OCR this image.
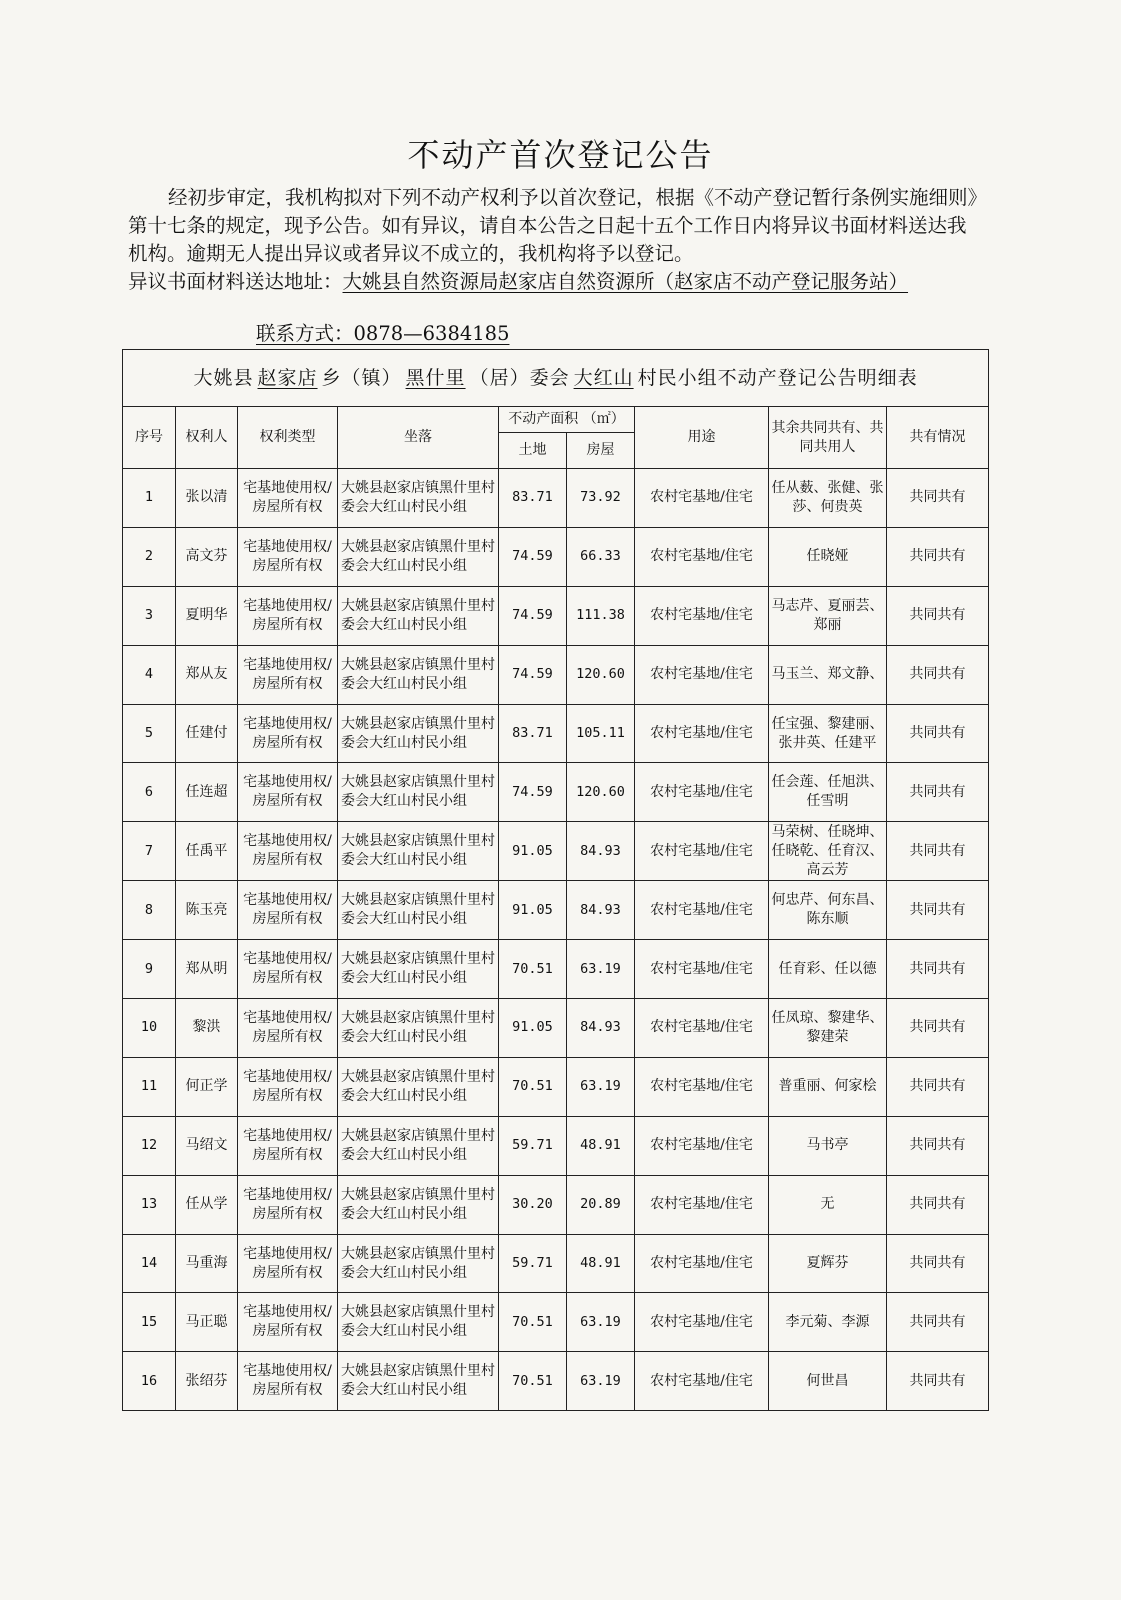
不动产首次登记公告

经初步审定，我机构拟对下列不动产权利予以首次登记，根据《不动产登记暂行条例实施细则》第十七条的规定，现予公告。如有异议，请自本公告之日起十五个工作日内将异议书面材料送达我机构。逾期无人提出异议或者异议不成立的，我机构将予以登记。

异议书面材料送达地址：大姚县自然资源局赵家店自然资源所（赵家店不动产登记服务站）
联系方式：0878—6384185
大姚县 赵家店 乡（镇） 黑什里 （居）委会 大红山 村民小组不动产登记公告明细表								
序号	权利人	权利类型	坐落	不动产面积 （㎡）		用途	其余共同共有、共同共用人	共有情况
				土地	房屋			
1	张以清	宅基地使用权/房屋所有权	大姚县赵家店镇黑什里村委会大红山村民小组	83.71	73.92	农村宅基地/住宅	任从薮、张健、张莎、何贵英	共同共有
2	高文芬	宅基地使用权/房屋所有权	大姚县赵家店镇黑什里村委会大红山村民小组	74.59	66.33	农村宅基地/住宅	任晓娅	共同共有
3	夏明华	宅基地使用权/房屋所有权	大姚县赵家店镇黑什里村委会大红山村民小组	74.59	111.38	农村宅基地/住宅	马志芹、夏丽芸、郑丽	共同共有
4	郑从友	宅基地使用权/房屋所有权	大姚县赵家店镇黑什里村委会大红山村民小组	74.59	120.60	农村宅基地/住宅	马玉兰、郑文静、	共同共有
5	任建付	宅基地使用权/房屋所有权	大姚县赵家店镇黑什里村委会大红山村民小组	83.71	105.11	农村宅基地/住宅	任宝强、黎建丽、张井英、任建平	共同共有
6	任连超	宅基地使用权/房屋所有权	大姚县赵家店镇黑什里村委会大红山村民小组	74.59	120.60	农村宅基地/住宅	任会莲、任旭洪、任雪明	共同共有
7	任禹平	宅基地使用权/房屋所有权	大姚县赵家店镇黑什里村委会大红山村民小组	91.05	84.93	农村宅基地/住宅	马荣树、任晓坤、任晓乾、任育汉、高云芳	共同共有
8	陈玉亮	宅基地使用权/房屋所有权	大姚县赵家店镇黑什里村委会大红山村民小组	91.05	84.93	农村宅基地/住宅	何忠芹、何东昌、陈东顺	共同共有
9	郑从明	宅基地使用权/房屋所有权	大姚县赵家店镇黑什里村委会大红山村民小组	70.51	63.19	农村宅基地/住宅	任育彩、任以德	共同共有
10	黎洪	宅基地使用权/房屋所有权	大姚县赵家店镇黑什里村委会大红山村民小组	91.05	84.93	农村宅基地/住宅	任凤琼、黎建华、黎建荣	共同共有
11	何正学	宅基地使用权/房屋所有权	大姚县赵家店镇黑什里村委会大红山村民小组	70.51	63.19	农村宅基地/住宅	普重丽、何家桧	共同共有
12	马绍文	宅基地使用权/房屋所有权	大姚县赵家店镇黑什里村委会大红山村民小组	59.71	48.91	农村宅基地/住宅	马书亭	共同共有
13	任从学	宅基地使用权/房屋所有权	大姚县赵家店镇黑什里村委会大红山村民小组	30.20	20.89	农村宅基地/住宅	无	共同共有
14	马重海	宅基地使用权/房屋所有权	大姚县赵家店镇黑什里村委会大红山村民小组	59.71	48.91	农村宅基地/住宅	夏辉芬	共同共有
15	马正聪	宅基地使用权/房屋所有权	大姚县赵家店镇黑什里村委会大红山村民小组	70.51	63.19	农村宅基地/住宅	李元菊、李源	共同共有
16	张绍芬	宅基地使用权/房屋所有权	大姚县赵家店镇黑什里村委会大红山村民小组	70.51	63.19	农村宅基地/住宅	何世昌	共同共有
